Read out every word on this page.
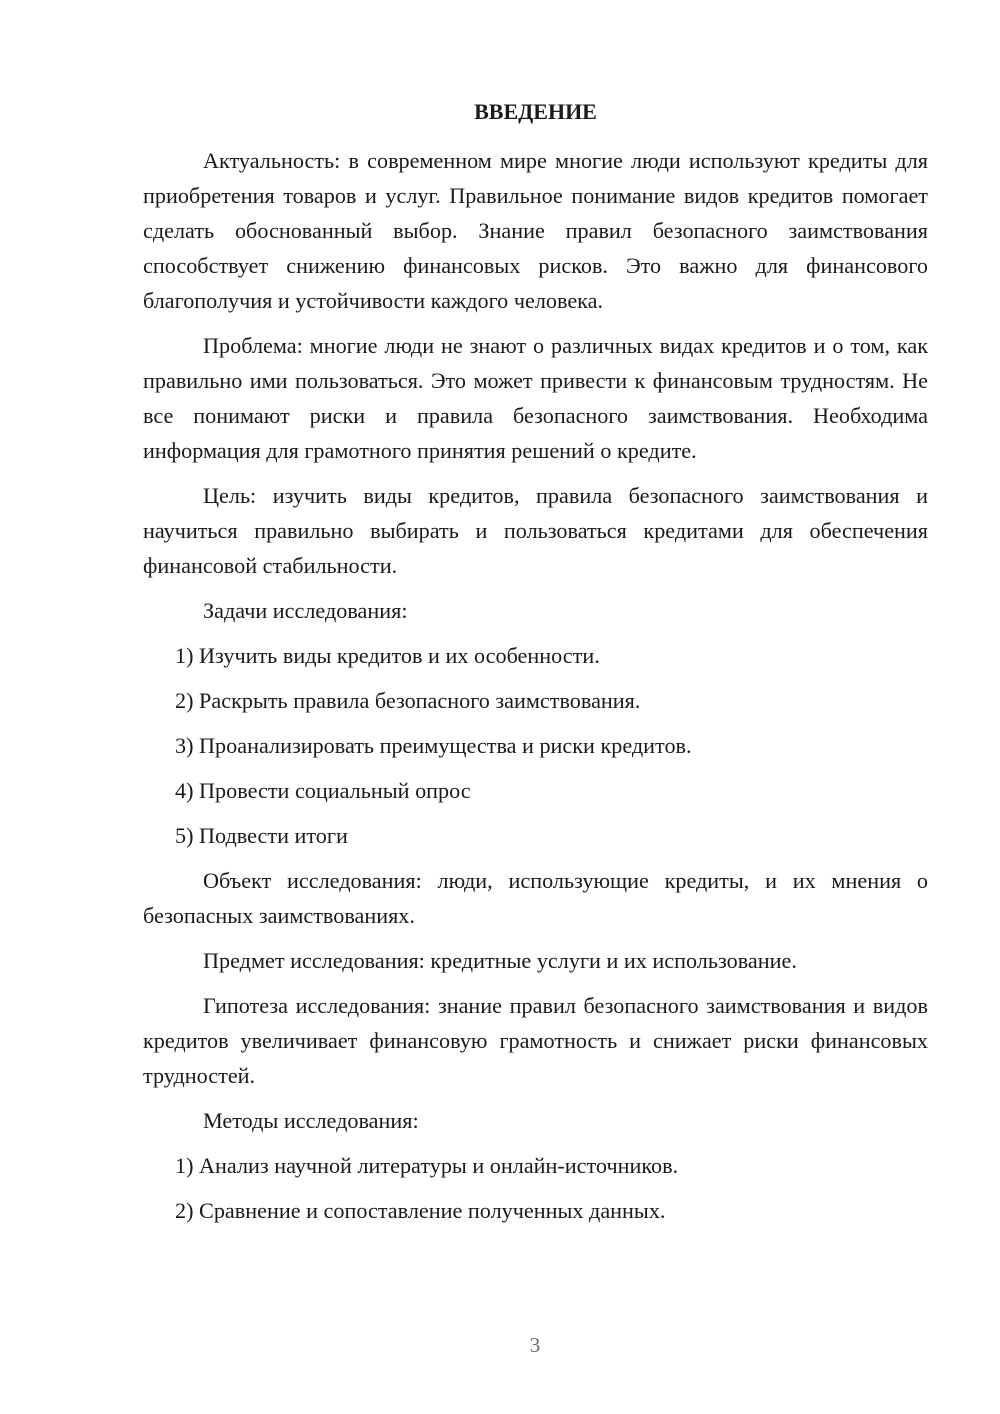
ВВЕДЕНИЕ

Актуальность: в современном мире многие люди используют кредиты для приобретения товаров и услуг. Правильное понимание видов кредитов помогает сделать обоснованный выбор. Знание правил безопасного заимствования способствует снижению финансовых рисков. Это важно для финансового благополучия и устойчивости каждого человека.

Проблема: многие люди не знают о различных видах кредитов и о том, как правильно ими пользоваться. Это может привести к финансовым трудностям. Не все понимают риски и правила безопасного заимствования. Необходима информация для грамотного принятия решений о кредите.

Цель: изучить виды кредитов, правила безопасного заимствования и научиться правильно выбирать и пользоваться кредитами для обеспечения финансовой стабильности.

Задачи исследования:

1) Изучить виды кредитов и их особенности.
2) Раскрыть правила безопасного заимствования.
3) Проанализировать преимущества и риски кредитов.
4) Провести социальный опрос
5) Подвести итоги

Объект исследования: люди, использующие кредиты, и их мнения о безопасных заимствованиях.

Предмет исследования: кредитные услуги и их использование.

Гипотеза исследования: знание правил безопасного заимствования и видов кредитов увеличивает финансовую грамотность и снижает риски финансовых трудностей.

Методы исследования:

1) Анализ научной литературы и онлайн-источников.
2) Сравнение и сопоставление полученных данных.
3
